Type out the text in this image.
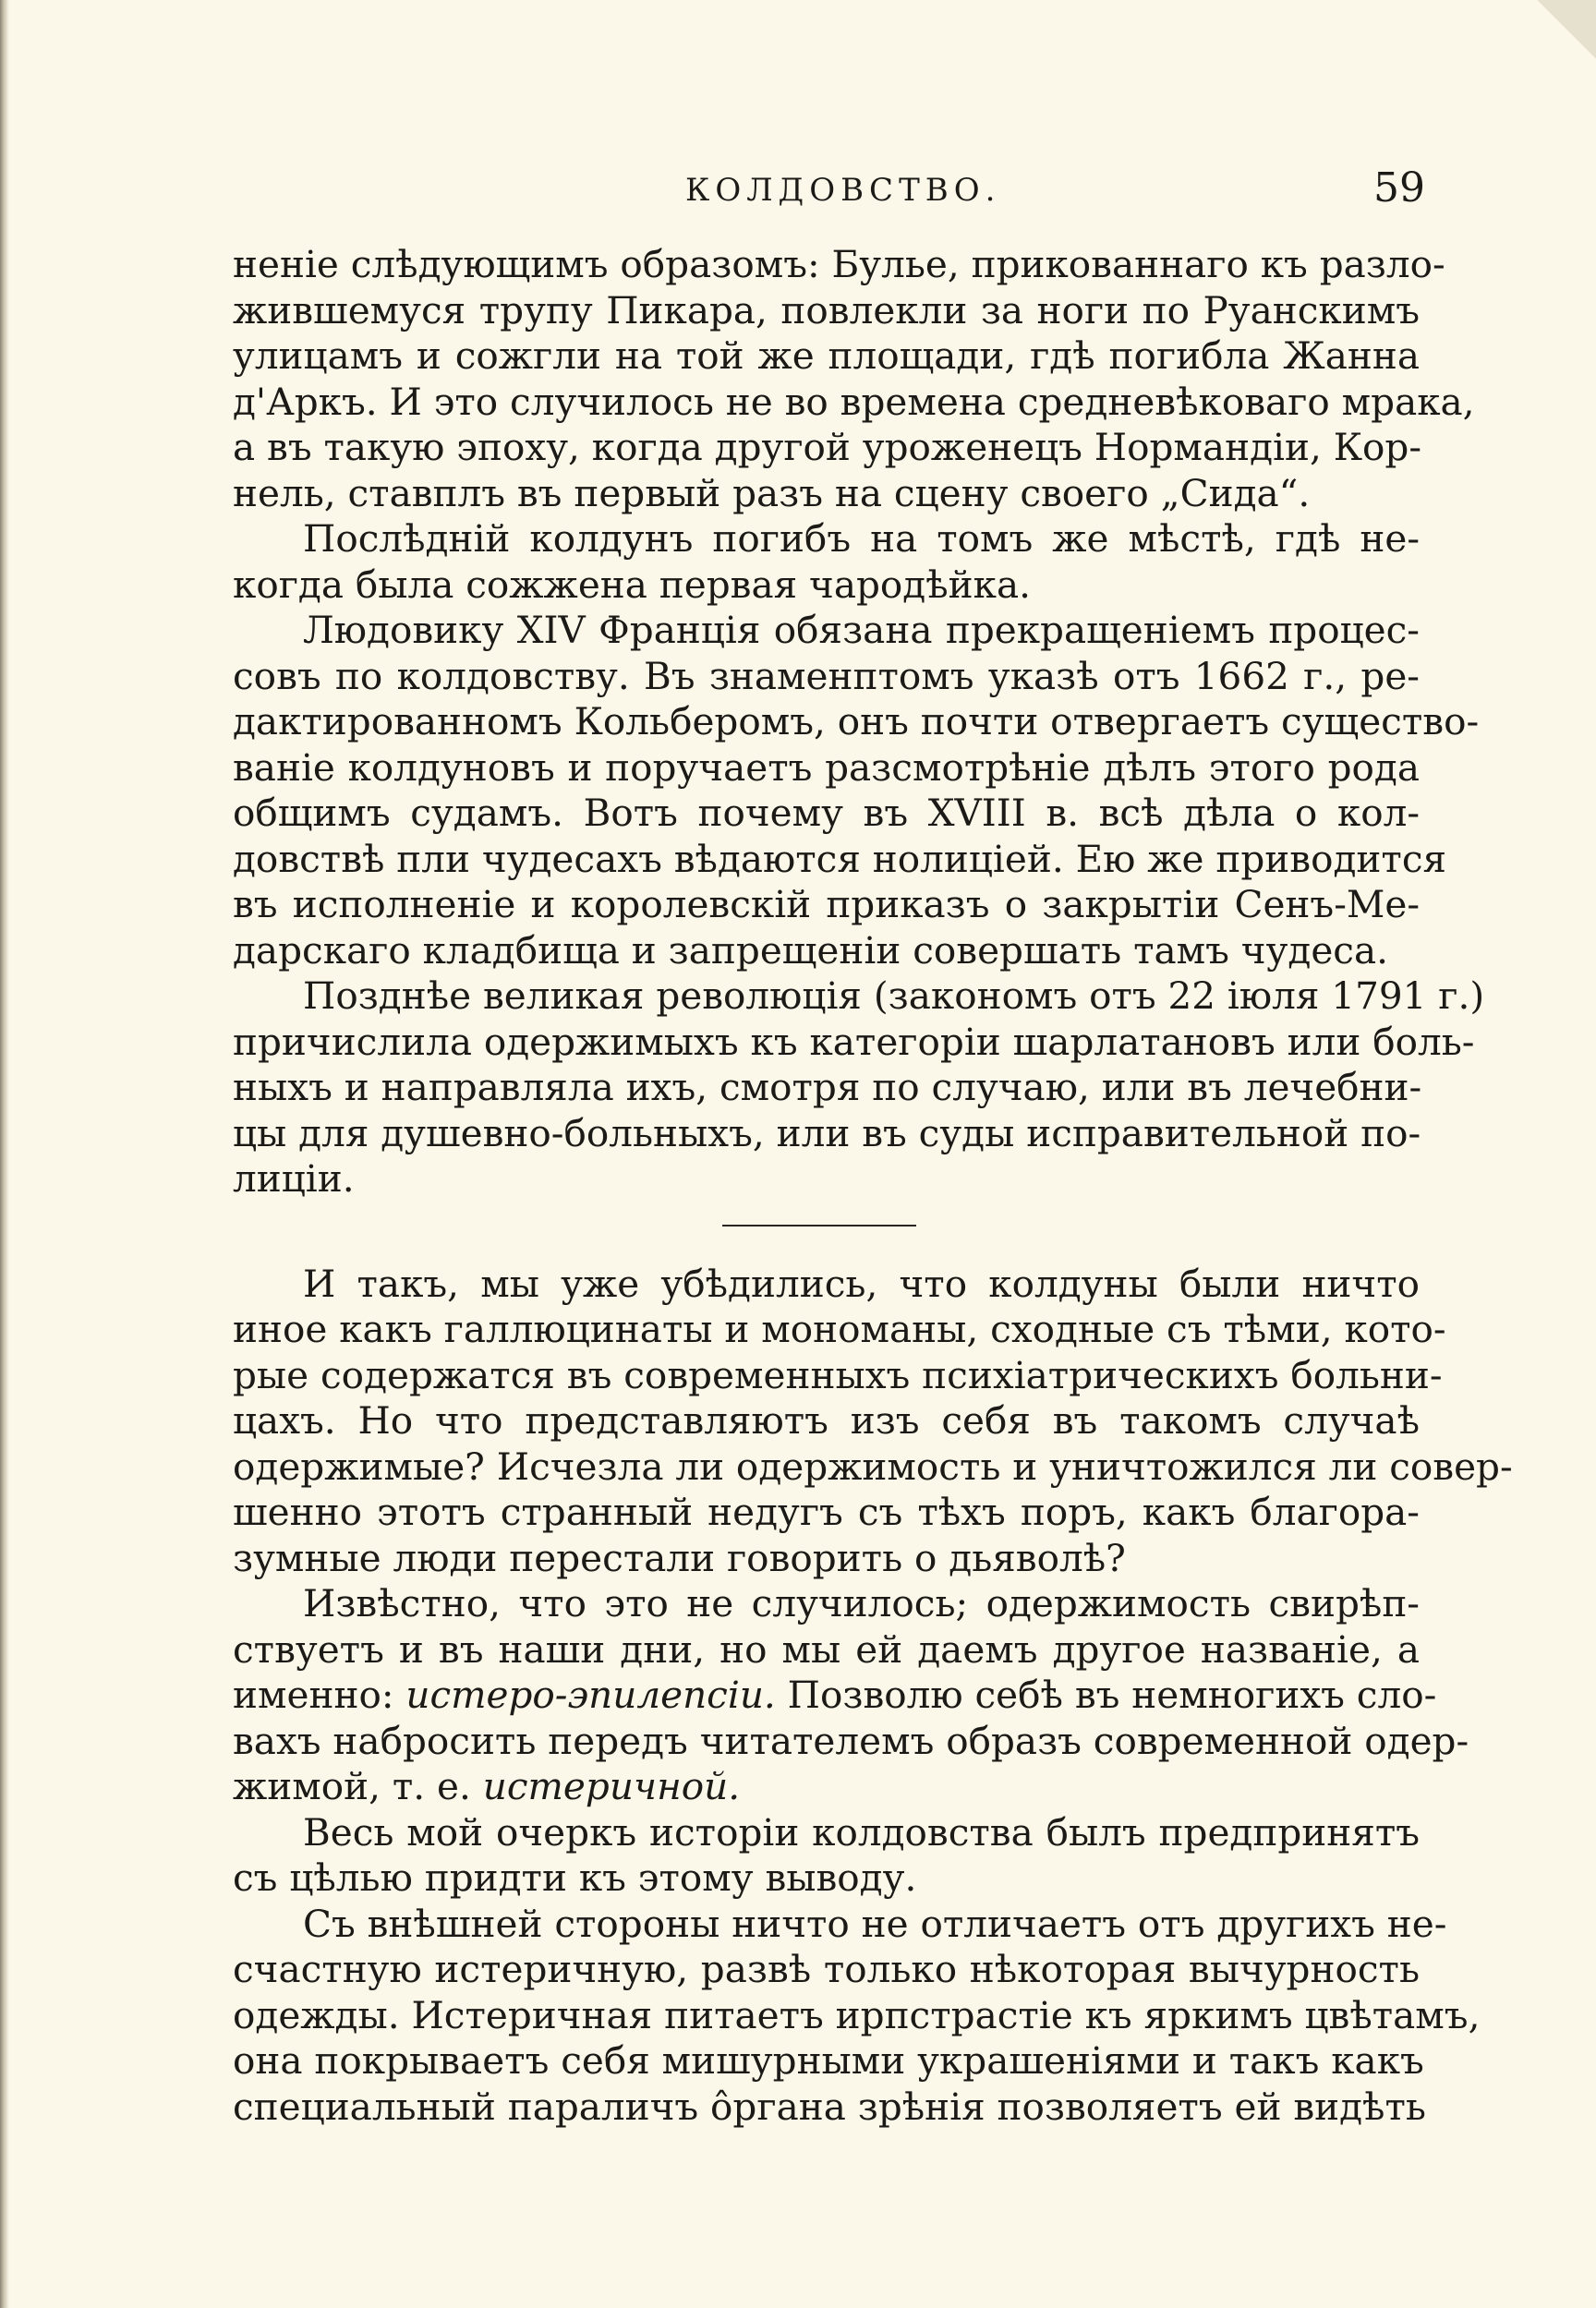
КОЛДОВСТВО.	59
неніе слѣдующимъ образомъ: Булье, прикованнаго къ разло-
жившемуся трупу Пикара, повлекли за ноги по Руанскимъ
улицамъ и сожгли на той же площади, гдѣ погибла Жанна
д'Аркъ. И это случилось не во времена средневѣковаго мрака,
а въ такую эпоху, когда другой уроженецъ Нормандiи, Кор-
нель, ставплъ въ первый разъ на сцену своего „Сида“.
Послѣднiй колдунъ погибъ на томъ же мѣстѣ, гдѣ не-
когда была сожжена первая чародѣйка.
Людовику XIV Францiя обязана прекращенiемъ процес-
совъ по колдовству. Въ знаменптомъ указѣ отъ 1662 г., ре-
дактированномъ Кольберомъ, онъ почти отвергаетъ существо-
ванiе колдуновъ и поручаетъ разсмотрѣнiе дѣлъ этого рода
общимъ судамъ. Вотъ почему въ XVIII в. всѣ дѣла о кол-
довствѣ пли чудесахъ вѣдаются нолицiей. Ею же приводится
въ исполненiе и королевскiй приказъ о закрытiи Сенъ-Ме-
дарскаго кладбища и запрещенiи совершать тамъ чудеса.
Позднѣе великая революцiя (закономъ отъ 22 iюля 1791 г.)
причислила одержимыхъ къ категорiи шарлатановъ или боль-
ныхъ и направляла ихъ, смотря по случаю, или въ лечебни-
цы для душевно-больныхъ, или въ суды исправительной по-
лицiи.
И такъ, мы уже убѣдились, что колдуны были ничто
иное какъ галлюцинаты и мономаны, сходные съ тѣми, кото-
рые содержатся въ современныхъ психiатрическихъ больни-
цахъ. Но что представляютъ изъ себя въ такомъ случаѣ
одержимые? Исчезла ли одержимость и уничтожился ли совер-
шенно этотъ странный недугъ съ тѣхъ поръ, какъ благора-
зумные люди перестали говорить о дьяволѣ?
Извѣстно, что это не случилось; одержимость свирѣп-
ствуетъ и въ наши дни, но мы ей даемъ другое названiе, а
именно: истеро-эпилепсiи. Позволю себѣ въ немногихъ сло-
вахъ набросить передъ читателемъ образъ современной одер-
жимой, т. е. истеричной.
Весь мой очеркъ исторiи колдовства былъ предпринятъ
съ цѣлью придти къ этому выводу.
Съ внѣшней стороны ничто не отличаетъ отъ другихъ не-
счастную истеричную, развѣ только нѣкоторая вычурность
одежды. Истеричная питаетъ ирпстрастiе къ яркимъ цвѣтамъ,
она покрываетъ себя мишурными украшенiями и такъ какъ
специальный параличъ ôргана зрѣнiя позволяетъ ей видѣть
